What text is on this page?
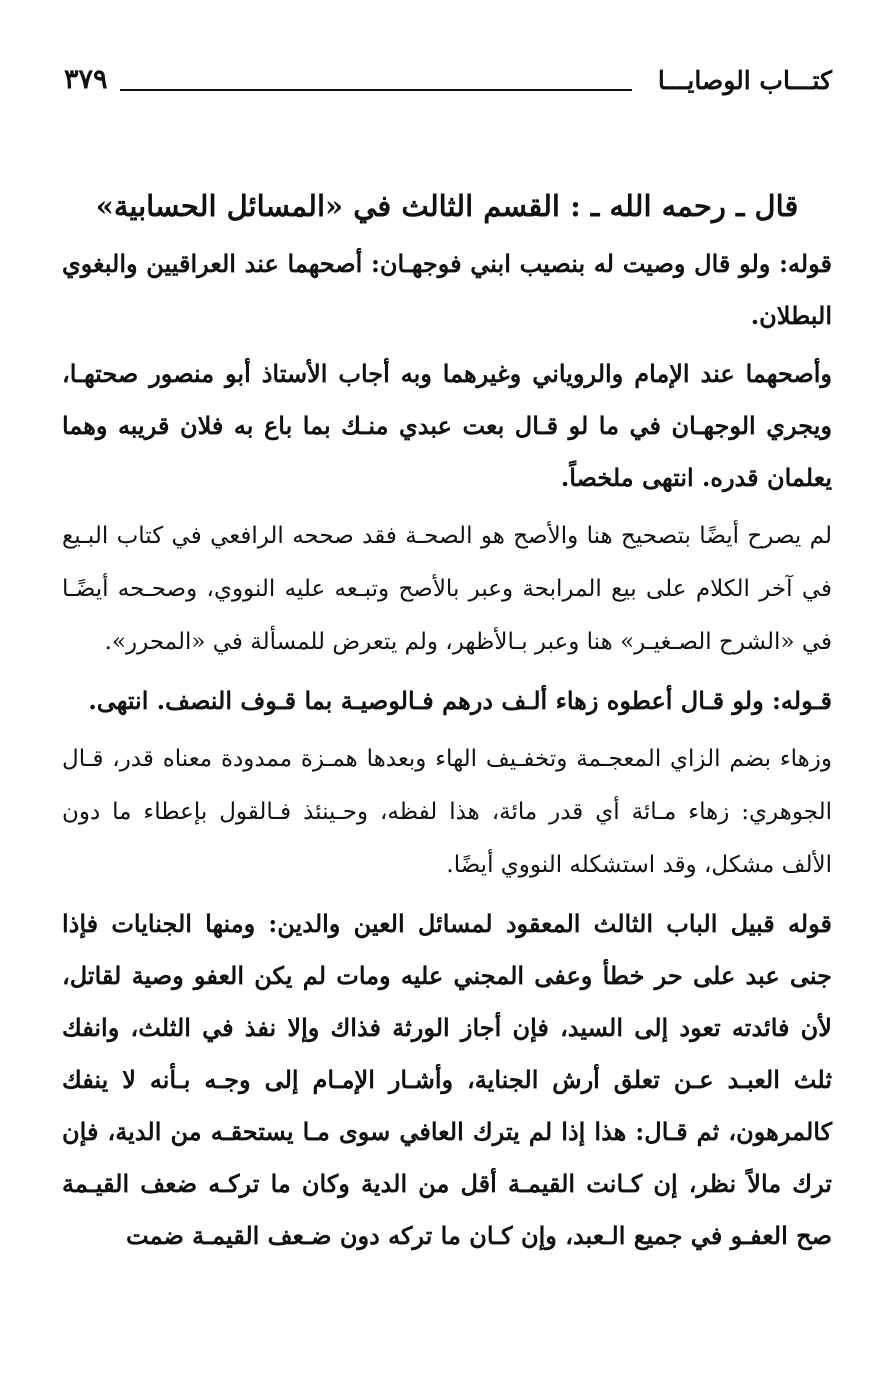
كتـــاب الوصايـــا
٣٧٩
قال ـ رحمه الله ـ : القسم الثالث في «المسائل الحسابية»

قوله: ولو قال وصيت له بنصيب ابني فوجهـان: أصحهما عند العراقيين والبغوي البطلان.

وأصحهما عند الإمام والروياني وغيرهما وبه أجاب الأستاذ أبو منصور صحتهـا، ويجري الوجهـان في ما لو قـال بعت عبدي منـك بما باع به فلان قريبه وهما يعلمان قدره. انتهى ملخصاً.

لم يصرح أيضًا بتصحيح هنا والأصح هو الصحـة فقد صححه الرافعي في كتاب البـيع في آخر الكلام على بيع المرابحة وعبر بالأصح وتبـعه عليه النووي، وصحـحه أيضًـا في «الشرح الصـغيـر» هنا وعبر بـالأظهر، ولم يتعرض للمسألة في «المحرر».

قـوله: ولو قـال أعطوه زهاء ألـف درهم فـالوصيـة بما قـوف النصف. انتهى.

وزهاء بضم الزاي المعجـمة وتخفـيف الهاء وبعدها همـزة ممدودة معناه قدر، قـال الجوهري: زهاء مـائة أي قدر مائة، هذا لفظه، وحـينئذ فـالقول بإعطاء ما دون الألف مشكل، وقد استشكله النووي أيضًا.

قوله قبيل الباب الثالث المعقود لمسائل العين والدين: ومنها الجنايات فإذا جنى عبد على حر خطأ وعفى المجني عليه ومات لم يكن العفو وصية لقاتل، لأن فائدته تعود إلى السيد، فإن أجاز الورثة فذاك وإلا نفذ في الثلث، وانفك ثلث العبـد عـن تعلق أرش الجناية، وأشـار الإمـام إلى وجـه بـأنه لا ينفك كالمرهون، ثم قـال: هذا إذا لم يترك العافي سوى مـا يستحقـه من الدية، فإن ترك مالاً نظر، إن كـانت القيمـة أقل من الدية وكان ما تركـه ضعف القيـمة صح العفـو في جميع الـعبد، وإن كـان ما تركه دون ضـعف القيمـة ضمت
